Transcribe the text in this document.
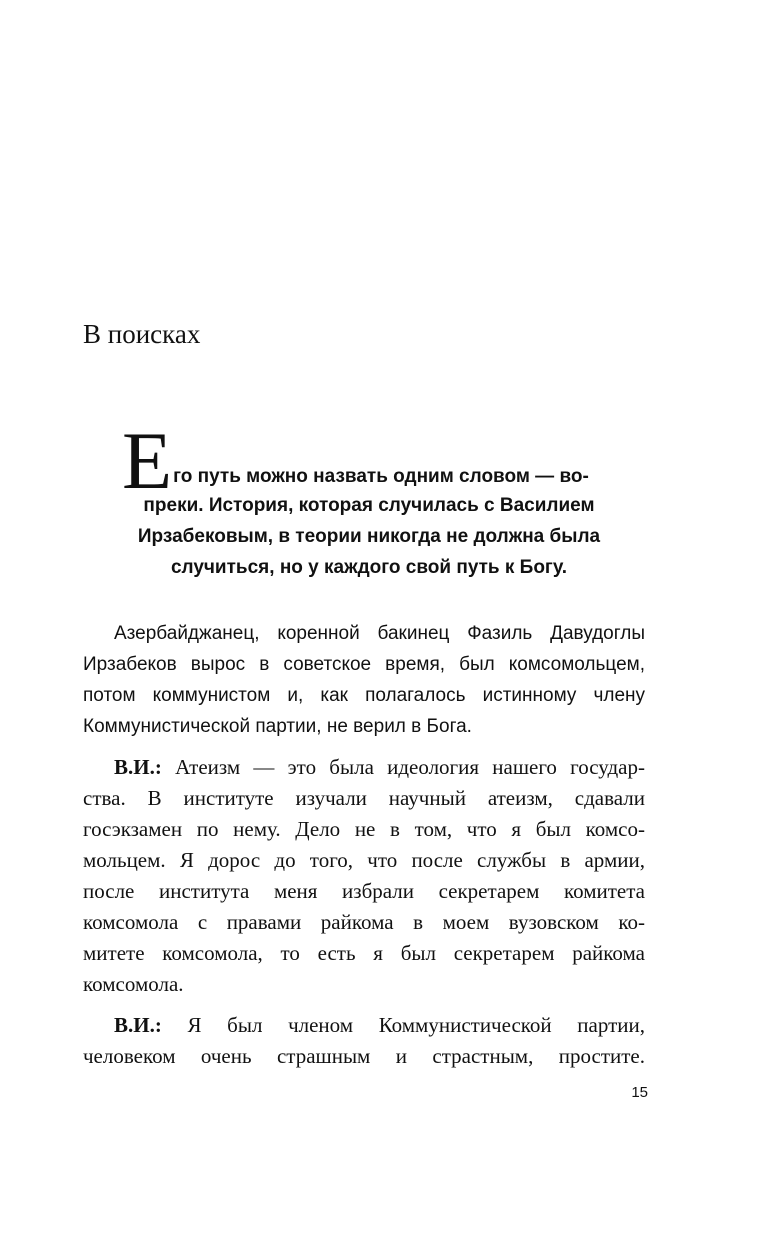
В поисках
Е го путь можно назвать одним словом — во-
преки. История, которая случилась с Василием
Ирзабековым, в теории никогда не должна была
случиться, но у каждого свой путь к Богу.
Азербайджанец, коренной бакинец Фазиль Давудоглы
Ирзабеков вырос в советское время, был комсомольцем,
потом коммунистом и, как полагалось истинному члену
Коммунистической партии, не верил в Бога.
В.И.: Атеизм — это была идеология нашего государ-
ства. В институте изучали научный атеизм, сдавали
госэкзамен по нему. Дело не в том, что я был комсо-
мольцем. Я дорос до того, что после службы в армии,
после института меня избрали секретарем комитета
комсомола с правами райкома в моем вузовском ко-
митете комсомола, то есть я был секретарем райкома
комсомола.
В.И.: Я был членом Коммунистической партии,
человеком очень страшным и страстным, простите.
15
